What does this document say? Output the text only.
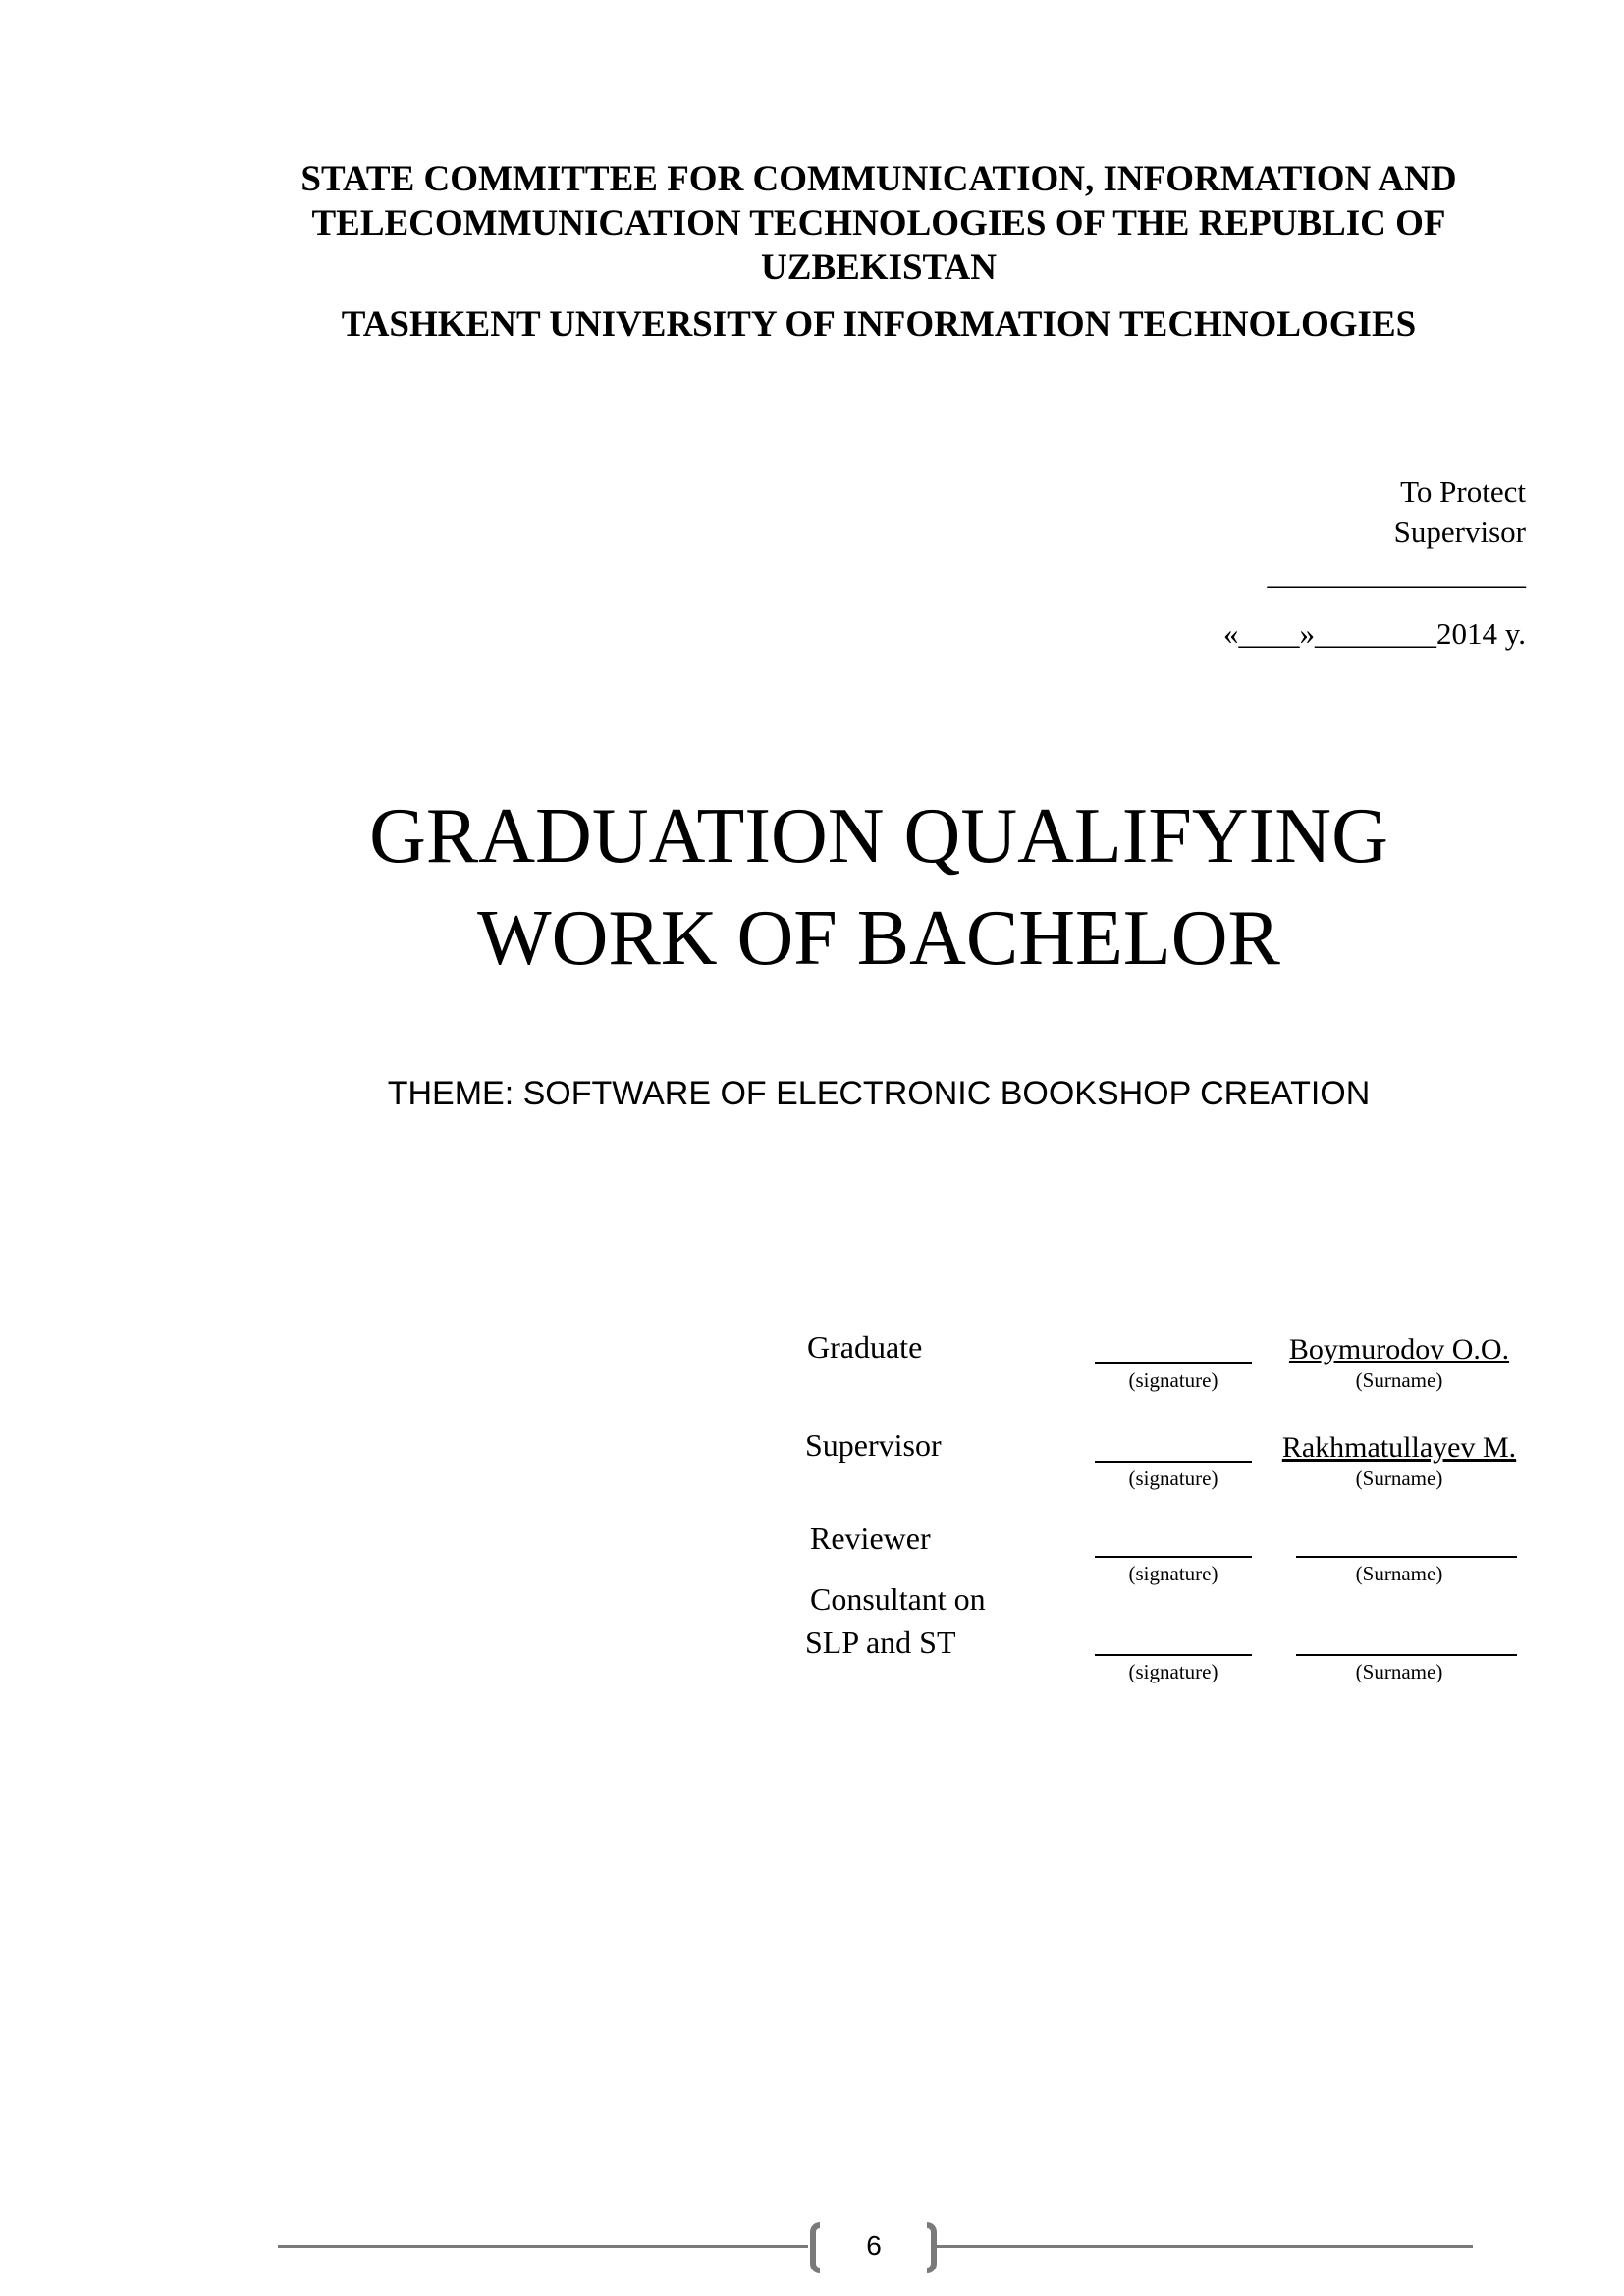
STATE COMMITTEE FOR COMMUNICATION, INFORMATION AND
TELECOMMUNICATION TECHNOLOGIES OF THE REPUBLIC OF
UZBEKISTAN
TASHKENT UNIVERSITY OF INFORMATION TECHNOLOGIES
To Protect
Supervisor
_________________
«____»________2014 y.
GRADUATION QUALIFYING
WORK OF BACHELOR
THEME: SOFTWARE OF ELECTRONIC BOOKSHOP CREATION
Graduate
(signature)
Boymurodov O.O.
(Surname)
Supervisor
(signature)
Rakhmatullayev M.
(Surname)
Reviewer
(signature)	(Surname)
Consultant on
SLP and ST
(signature)	(Surname)
6
